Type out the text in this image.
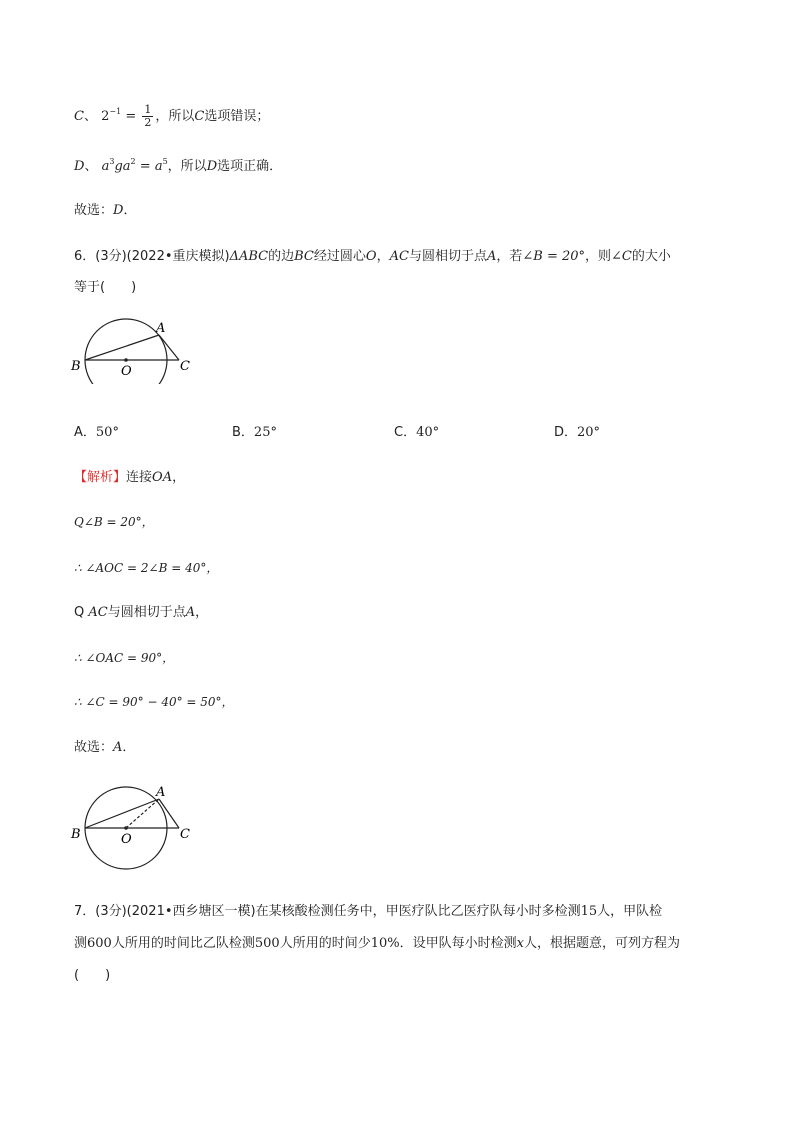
C、 $2^{-1} = \frac{1}{2}$ ，所以C选项错误；
D、 $a^3ga^2 = a^5$，所以D选项正确．
故选：D．
6．(3分)(2022•重庆模拟)ΔABC的边BC经过圆心O，AC与圆相切于点A，若∠B = 20°，则∠C的大小
等于(　　)
A
B	C
O
A．50°	B．25°	C．40°	D．20°
【解析】连接OA，
Q∠B = 20°，
∴ ∠AOC = 2∠B = 40°，
Q AC与圆相切于点A，
∴ ∠OAC = 90°，
∴ ∠C = 90° − 40° = 50°，
故选：A．
A
B	C
O
7．(3分)(2021•西乡塘区一模)在某核酸检测任务中，甲医疗队比乙医疗队每小时多检测15人，甲队检
测600人所用的时间比乙队检测500人所用的时间少10%．设甲队每小时检测x人，根据题意，可列方程为
(　　)
